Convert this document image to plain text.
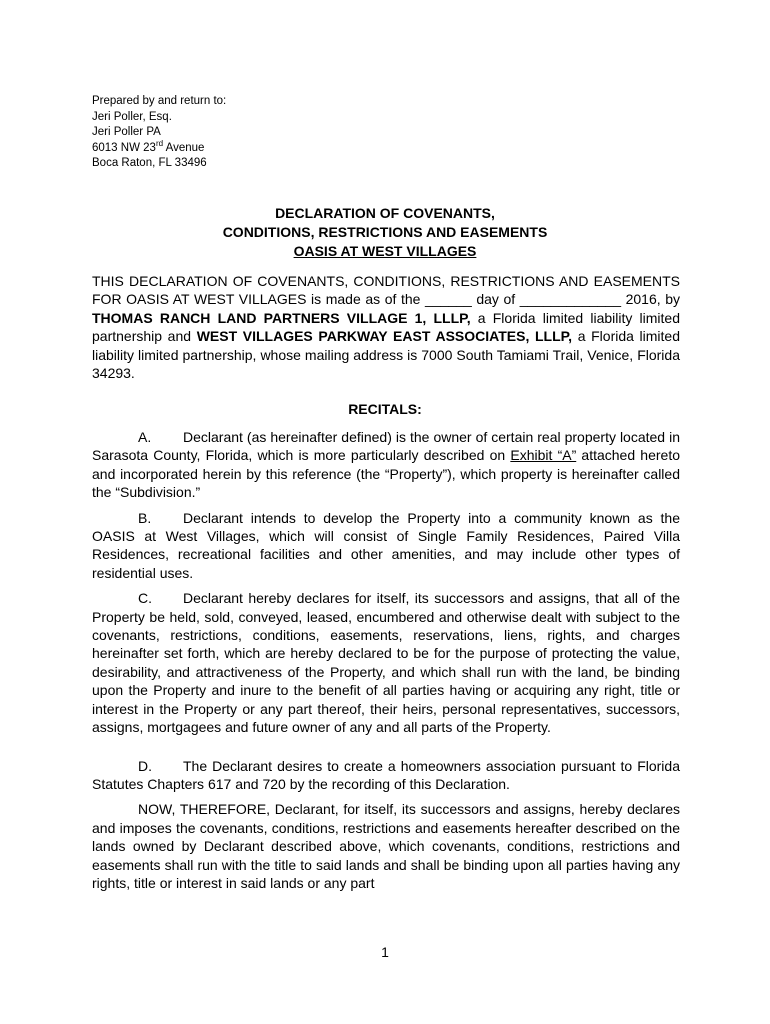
Prepared by and return to:
Jeri Poller, Esq.
Jeri Poller PA
6013 NW 23rd Avenue
Boca Raton, FL 33496
DECLARATION OF COVENANTS,
CONDITIONS, RESTRICTIONS AND EASEMENTS
OASIS AT WEST VILLAGES
THIS DECLARATION OF COVENANTS, CONDITIONS, RESTRICTIONS AND EASEMENTS FOR OASIS AT WEST VILLAGES is made as of the ______ day of _____________ 2016, by THOMAS RANCH LAND PARTNERS VILLAGE 1, LLLP, a Florida limited liability limited partnership and WEST VILLAGES PARKWAY EAST ASSOCIATES, LLLP, a Florida limited liability limited partnership, whose mailing address is 7000 South Tamiami Trail, Venice, Florida 34293.
RECITALS:

A. Declarant (as hereinafter defined) is the owner of certain real property located in Sarasota County, Florida, which is more particularly described on Exhibit “A” attached hereto and incorporated herein by this reference (the “Property”), which property is hereinafter called the “Subdivision.”

B. Declarant intends to develop the Property into a community known as the OASIS at West Villages, which will consist of Single Family Residences, Paired Villa Residences, recreational facilities and other amenities, and may include other types of residential uses.

C. Declarant hereby declares for itself, its successors and assigns, that all of the Property be held, sold, conveyed, leased, encumbered and otherwise dealt with subject to the covenants, restrictions, conditions, easements, reservations, liens, rights, and charges hereinafter set forth, which are hereby declared to be for the purpose of protecting the value, desirability, and attractiveness of the Property, and which shall run with the land, be binding upon the Property and inure to the benefit of all parties having or acquiring any right, title or interest in the Property or any part thereof, their heirs, personal representatives, successors, assigns, mortgagees and future owner of any and all parts of the Property.

D. The Declarant desires to create a homeowners association pursuant to Florida Statutes Chapters 617 and 720 by the recording of this Declaration.

NOW, THEREFORE, Declarant, for itself, its successors and assigns, hereby declares and imposes the covenants, conditions, restrictions and easements hereafter described on the lands owned by Declarant described above, which covenants, conditions, restrictions and easements shall run with the title to said lands and shall be binding upon all parties having any rights, title or interest in said lands or any part

1
